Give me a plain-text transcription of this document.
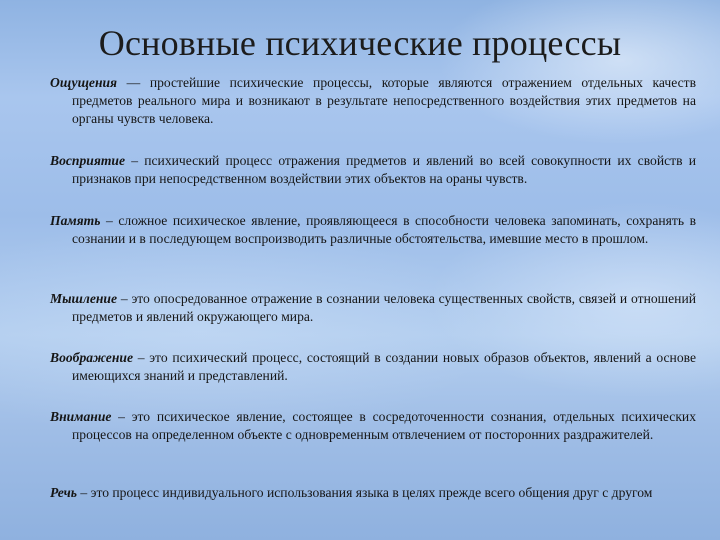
Основные психические процессы

Ощущения — простейшие психические процессы, которые являются отражением отдельных качеств предметов реального мира и возникают в результате непосредственного воздействия этих предметов на органы чувств человека.

Восприятие – психический процесс отражения предметов и явлений во всей совокупности их свойств и признаков при непосредственном воздействии этих объектов на ораны чувств.

Память – сложное психическое явление, проявляющееся в способности человека запоминать, сохранять в сознании и в последующем воспроизводить различные обстоятельства, имевшие место в прошлом.

Мышление – это опосредованное отражение в сознании человека существенных свойств, связей и отношений предметов и явлений окружающего мира.

Воображение – это психический процесс, состоящий в создании новых образов объектов, явлений а основе имеющихся знаний и представлений.

Внимание – это психическое явление, состоящее в сосредоточенности сознания, отдельных психических процессов на определенном объекте с одновременным отвлечением от посторонних раздражителей.

Речь – это процесс индивидуального использования языка в целях прежде всего общения друг с другом
